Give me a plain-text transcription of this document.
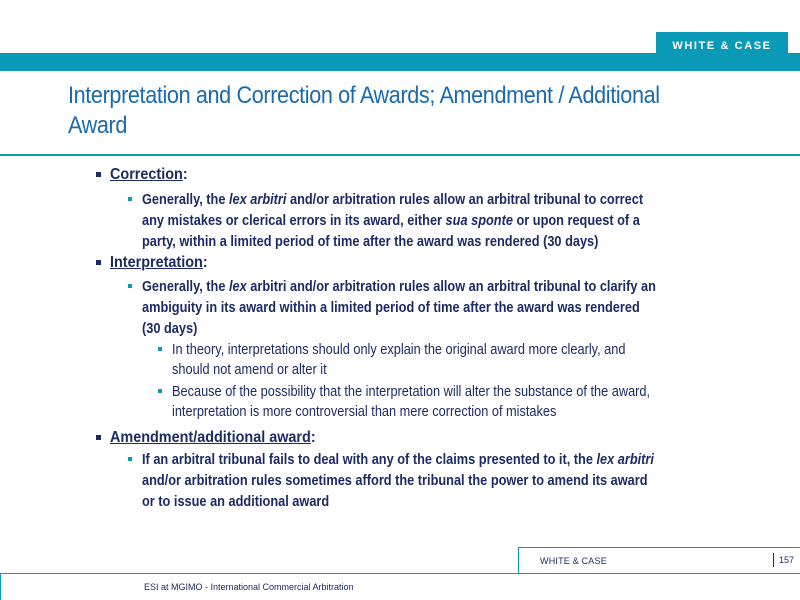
WHITE & CASE
Interpretation and Correction of Awards; Amendment / Additional
Award
Correction:
Generally, the lex arbitri and/or arbitration rules allow an arbitral tribunal to correct
any mistakes or clerical errors in its award, either sua sponte or upon request of a
party, within a limited period of time after the award was rendered (30 days)
Interpretation:
Generally, the lex arbitri and/or arbitration rules allow an arbitral tribunal to clarify an
ambiguity in its award within a limited period of time after the award was rendered
(30 days)
In theory, interpretations should only explain the original award more clearly, and
should not amend or alter it
Because of the possibility that the interpretation will alter the substance of the award,
interpretation is more controversial than mere correction of mistakes
Amendment/additional award:
If an arbitral tribunal fails to deal with any of the claims presented to it, the lex arbitri
and/or arbitration rules sometimes afford the tribunal the power to amend its award
or to issue an additional award
WHITE & CASE	157
ESI at MGIMO - International Commercial Arbitration
